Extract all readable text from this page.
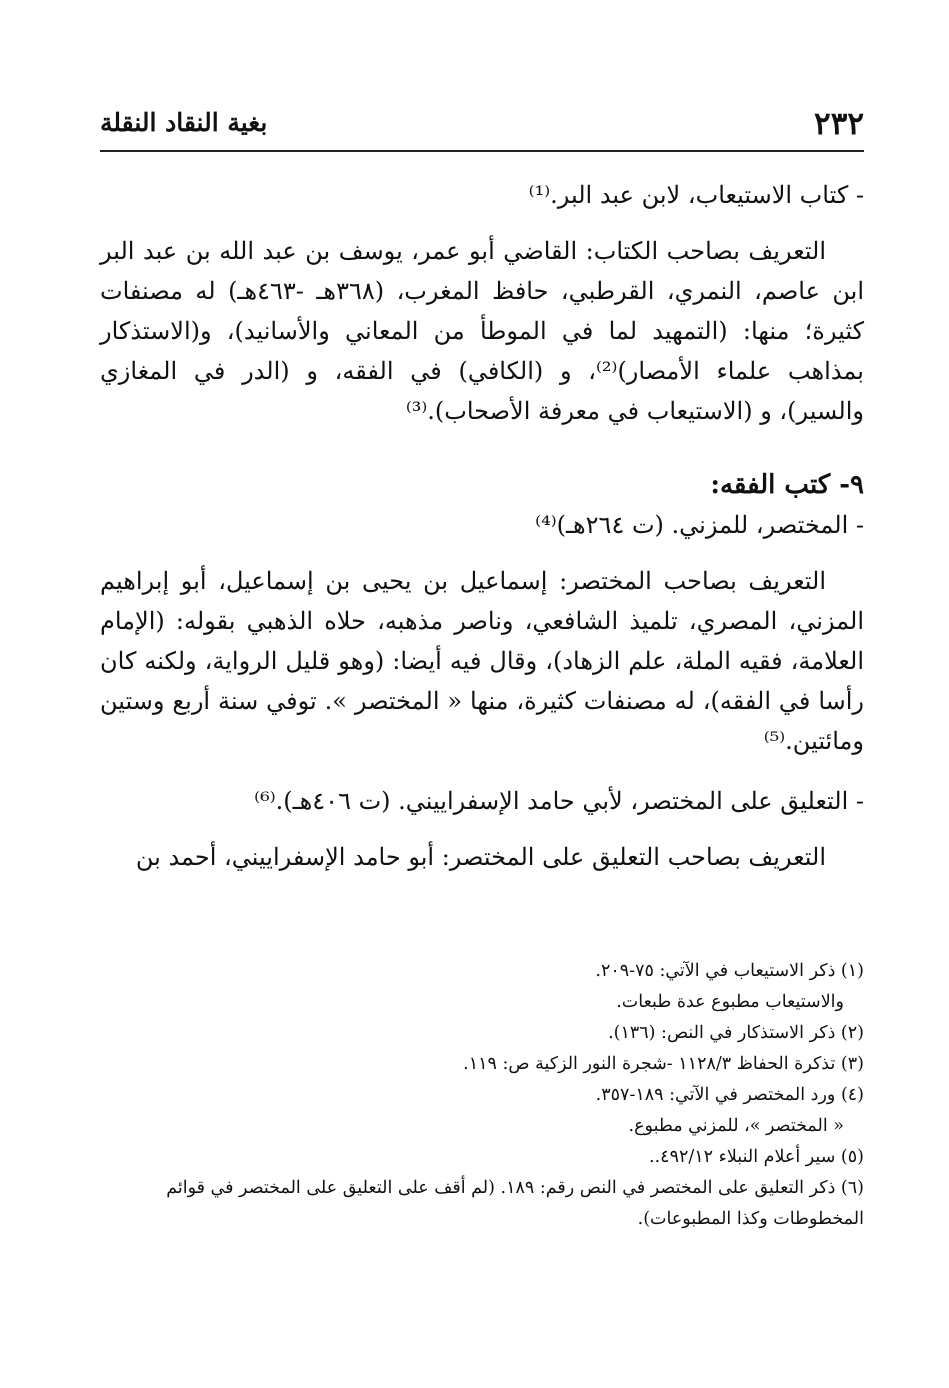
٢٣٢
بغية النقاد النقلة

- كتاب الاستيعاب، لابن عبد البر.⁽¹⁾

التعريف بصاحب الكتاب: القاضي أبو عمر، يوسف بن عبد الله بن عبد البر ابن عاصم، النمري، القرطبي، حافظ المغرب، (٣٦٨هـ -٤٦٣هـ) له مصنفات كثيرة؛ منها: (التمهيد لما في الموطأ من المعاني والأسانيد)، و(الاستذكار بمذاهب علماء الأمصار)⁽²⁾، و (الكافي) في الفقه، و (الدر في المغازي والسير)، و (الاستيعاب في معرفة الأصحاب).⁽³⁾

٩- كتب الفقه:

- المختصر، للمزني. (ت ٢٦٤هـ)⁽⁴⁾

التعريف بصاحب المختصر: إسماعيل بن يحيى بن إسماعيل، أبو إبراهيم المزني، المصري، تلميذ الشافعي، وناصر مذهبه، حلاه الذهبي بقوله: (الإمام العلامة، فقيه الملة، علم الزهاد)، وقال فيه أيضا: (وهو قليل الرواية، ولكنه كان رأسا في الفقه)، له مصنفات كثيرة، منها « المختصر ». توفي سنة أربع وستين ومائتين.⁽⁵⁾

- التعليق على المختصر، لأبي حامد الإسفراييني. (ت ٤٠٦هـ).⁽⁶⁾

التعريف بصاحب التعليق على المختصر: أبو حامد الإسفراييني، أحمد بن

(١) ذكر الاستيعاب في الآتي: ٧٥-٢٠٩.

والاستيعاب مطبوع عدة طبعات.

(٢) ذكر الاستذكار في النص: (١٣٦).

(٣) تذكرة الحفاظ ١١٢٨/٣ -شجرة النور الزكية ص: ١١٩.

(٤) ورد المختصر في الآتي: ١٨٩-٣٥٧.

« المختصر »، للمزني مطبوع.

(٥) سير أعلام النبلاء ٤٩٢/١٢..

(٦) ذكر التعليق على المختصر في النص رقم: ١٨٩. (لم أقف على التعليق على المختصر في قوائم المخطوطات وكذا المطبوعات).
